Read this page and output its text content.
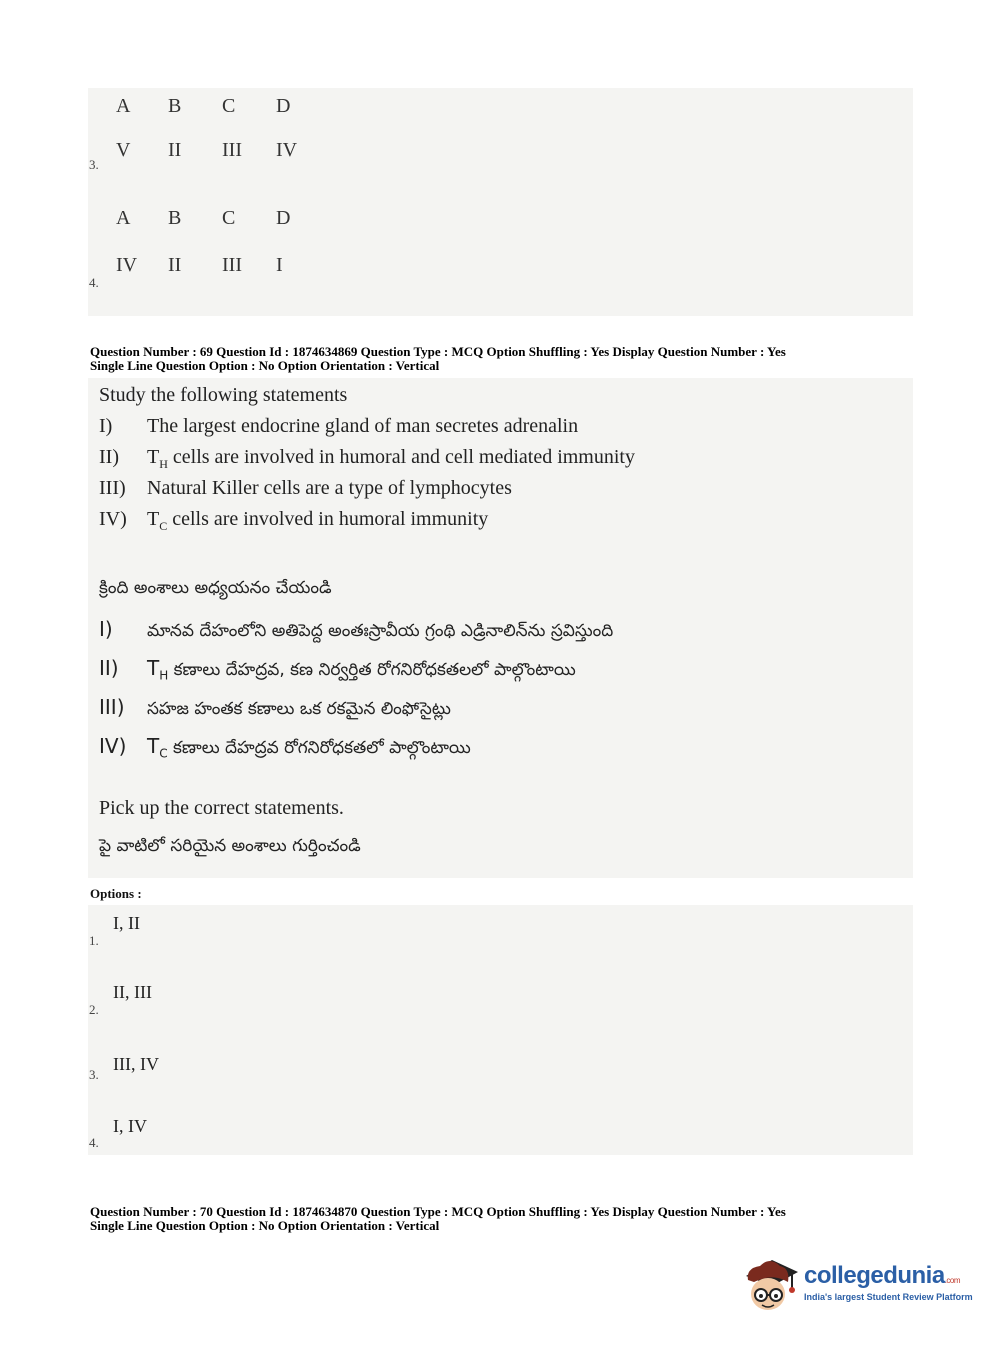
A B C D
V II III IV
3.
A B C D
IV II III I
4.
Question Number : 69 Question Id : 1874634869 Question Type : MCQ Option Shuffling : Yes Display Question Number : Yes
Single Line Question Option : No Option Orientation : Vertical
Study the following statements
I) The largest endocrine gland of man secretes adrenalin
II) $T_H$ cells are involved in humoral and cell mediated immunity
III) Natural Killer cells are a type of lymphocytes
IV) $T_C$ cells are involved in humoral immunity
క్రింది అంశాలు అధ్యయనం చేయండి
I) మానవ దేహంలోని అతిపెద్ద అంతఃస్రావీయ గ్రంథి ఎడ్రినాలిన్‌ను స్రవిస్తుంది
II) $T_H$ కణాలు దేహద్రవ, కణ నిర్వర్తిత రోగనిరోధకతలలో పాల్గొంటాయి
III) సహజ హంతక కణాలు ఒక రకమైన లింఫోసైట్లు
IV) $T_C$ కణాలు దేహద్రవ రోగనిరోధకతలో పాల్గొంటాయి
Pick up the correct statements.
పై వాటిలో సరియైన అంశాలు గుర్తించండి
Options :
I, II
1.
II, III
2.
III, IV
3.
I, IV
4.
Question Number : 70 Question Id : 1874634870 Question Type : MCQ Option Shuffling : Yes Display Question Number : Yes
Single Line Question Option : No Option Orientation : Vertical
collegedunia.com
India's largest Student Review Platform
